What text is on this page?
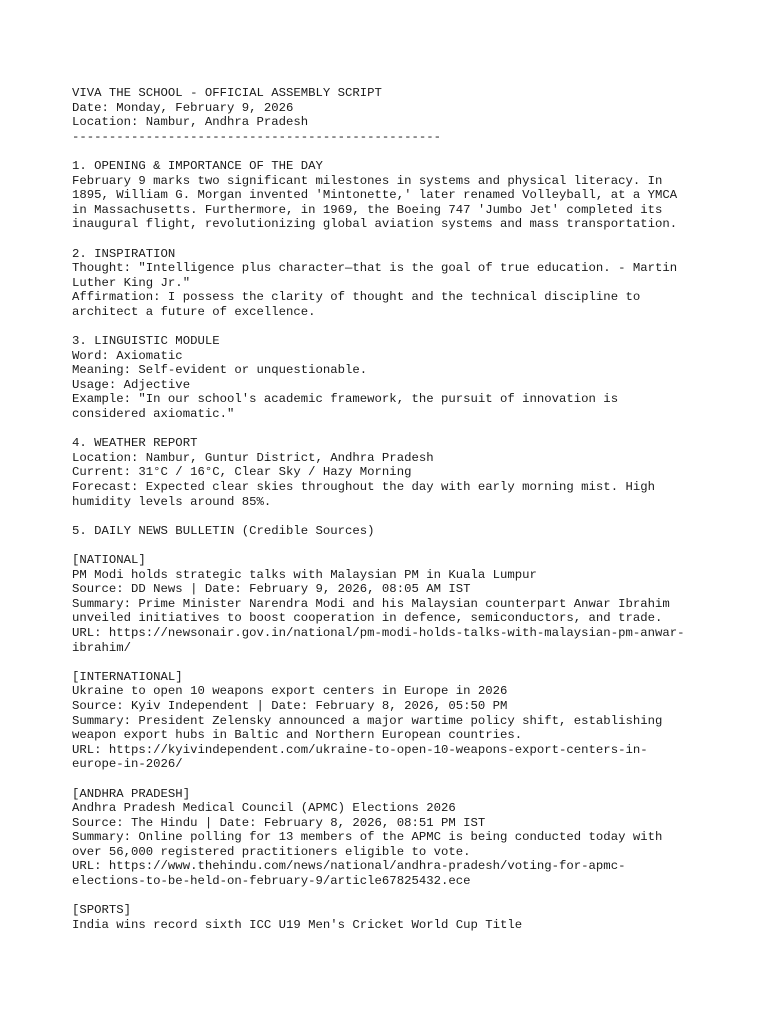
VIVA THE SCHOOL - OFFICIAL ASSEMBLY SCRIPT
Date: Monday, February 9, 2026
Location: Nambur, Andhra Pradesh
--------------------------------------------------
1. OPENING & IMPORTANCE OF THE DAY
February 9 marks two significant milestones in systems and physical literacy. In
1895, William G. Morgan invented 'Mintonette,' later renamed Volleyball, at a YMCA
in Massachusetts. Furthermore, in 1969, the Boeing 747 'Jumbo Jet' completed its
inaugural flight, revolutionizing global aviation systems and mass transportation.
2. INSPIRATION
Thought: "Intelligence plus character—that is the goal of true education. - Martin
Luther King Jr."
Affirmation: I possess the clarity of thought and the technical discipline to
architect a future of excellence.
3. LINGUISTIC MODULE
Word: Axiomatic
Meaning: Self-evident or unquestionable.
Usage: Adjective
Example: "In our school's academic framework, the pursuit of innovation is
considered axiomatic."
4. WEATHER REPORT
Location: Nambur, Guntur District, Andhra Pradesh
Current: 31°C / 16°C, Clear Sky / Hazy Morning
Forecast: Expected clear skies throughout the day with early morning mist. High
humidity levels around 85%.
5. DAILY NEWS BULLETIN (Credible Sources)
[NATIONAL]
PM Modi holds strategic talks with Malaysian PM in Kuala Lumpur
Source: DD News | Date: February 9, 2026, 08:05 AM IST
Summary: Prime Minister Narendra Modi and his Malaysian counterpart Anwar Ibrahim
unveiled initiatives to boost cooperation in defence, semiconductors, and trade.
URL: https://newsonair.gov.in/national/pm-modi-holds-talks-with-malaysian-pm-anwar-
ibrahim/
[INTERNATIONAL]
Ukraine to open 10 weapons export centers in Europe in 2026
Source: Kyiv Independent | Date: February 8, 2026, 05:50 PM
Summary: President Zelensky announced a major wartime policy shift, establishing
weapon export hubs in Baltic and Northern European countries.
URL: https://kyivindependent.com/ukraine-to-open-10-weapons-export-centers-in-
europe-in-2026/
[ANDHRA PRADESH]
Andhra Pradesh Medical Council (APMC) Elections 2026
Source: The Hindu | Date: February 8, 2026, 08:51 PM IST
Summary: Online polling for 13 members of the APMC is being conducted today with
over 56,000 registered practitioners eligible to vote.
URL: https://www.thehindu.com/news/national/andhra-pradesh/voting-for-apmc-
elections-to-be-held-on-february-9/article67825432.ece
[SPORTS]
India wins record sixth ICC U19 Men's Cricket World Cup Title
